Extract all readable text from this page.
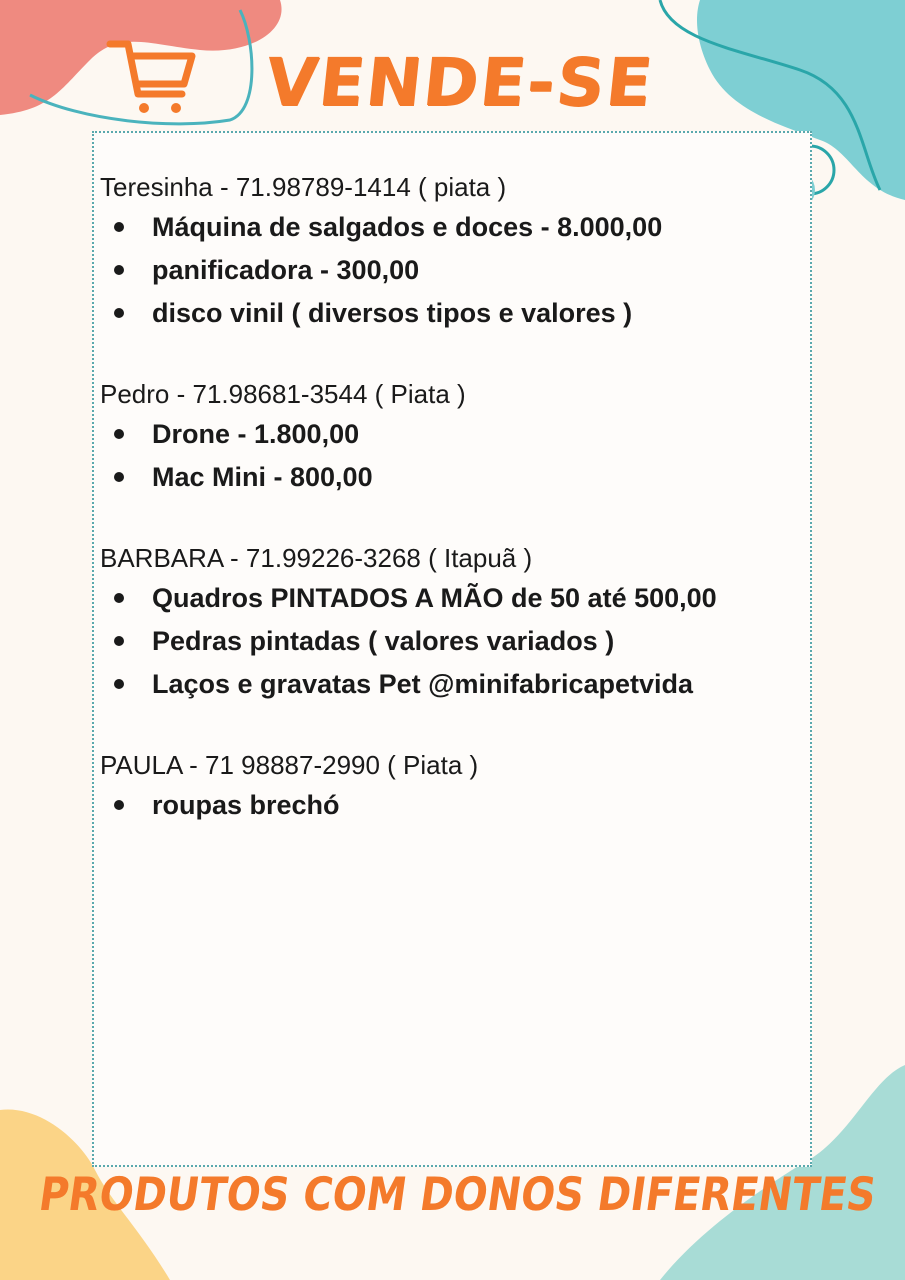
VENDE-SE

Teresinha - 71.98789-1414 ( piata )

Máquina de salgados e doces - 8.000,00
panificadora - 300,00
disco vinil ( diversos tipos e valores )

Pedro - 71.98681-3544 ( Piata )

Drone - 1.800,00
Mac Mini - 800,00

BARBARA - 71.99226-3268 ( Itapuã )

Quadros PINTADOS A MÃO de 50 até 500,00
Pedras pintadas ( valores variados )
Laços e gravatas Pet @minifabricapetvida

PAULA - 71 98887-2990 ( Piata )

roupas brechó
PRODUTOS COM DONOS DIFERENTES
